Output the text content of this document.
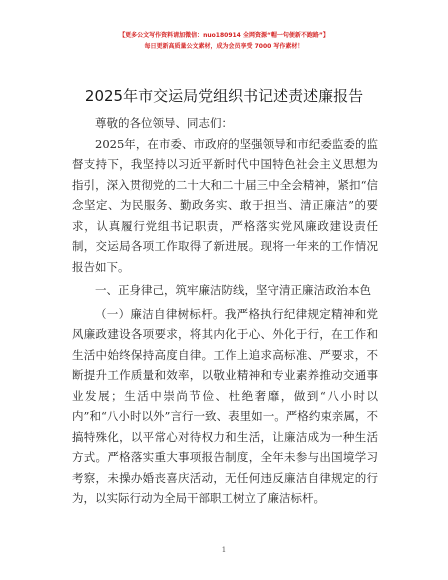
【更多公文写作资料请加微信：nuo180914 全网资源“帽一句便新不跑路”】
每日更新高质量公文素材，成为会员享受 7000 写作素材！
2025年市交运局党组织书记述责述廉报告

尊敬的各位领导、同志们：

2025年，在市委、市政府的坚强领导和市纪委监委的监督支持下，我坚持以习近平新时代中国特色社会主义思想为指引，深入贯彻党的二十大和二十届三中全会精神，紧扣“信念坚定、为民服务、勤政务实、敢于担当、清正廉洁”的要求，认真履行党组书记职责，严格落实党风廉政建设责任制，交运局各项工作取得了新进展。现将一年来的工作情况报告如下。

一、正身律己，筑牢廉洁防线，坚守清正廉洁政治本色

（一）廉洁自律树标杆。我严格执行纪律规定精神和党风廉政建设各项要求，将其内化于心、外化于行，在工作和生活中始终保持高度自律。工作上追求高标准、严要求，不断提升工作质量和效率，以敬业精神和专业素养推动交通事业发展；生活中崇尚节俭、杜绝奢靡，做到“八小时以内”和“八小时以外”言行一致、表里如一。严格约束亲属，不搞特殊化，以平常心对待权力和生活，让廉洁成为一种生活方式。严格落实重大事项报告制度，全年未参与出国境学习考察，未操办婚丧喜庆活动，无任何违反廉洁自律规定的行为，以实际行动为全局干部职工树立了廉洁标杆。

1
